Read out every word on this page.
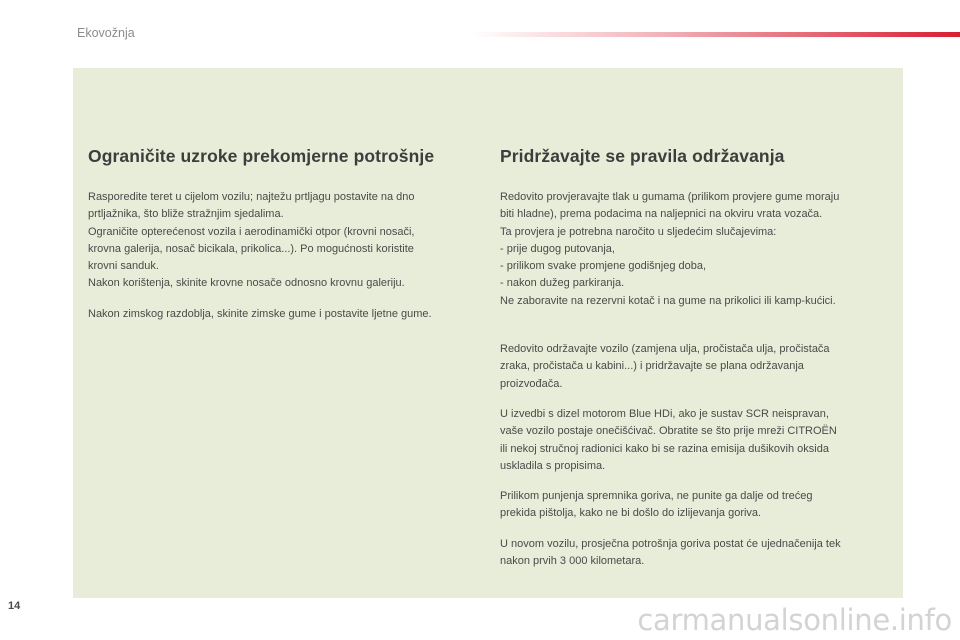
Ekovožnja
Ograničite uzroke prekomjerne potrošnje
Rasporedite teret u cijelom vozilu; najtežu prtljagu postavite na dno
prtljažnika, što bliže stražnjim sjedalima.
Ograničite opterećenost vozila i aerodinamički otpor (krovni nosači,
krovna galerija, nosač bicikala, prikolica...). Po mogućnosti koristite
krovni sanduk.
Nakon korištenja, skinite krovne nosače odnosno krovnu galeriju.
Nakon zimskog razdoblja, skinite zimske gume i postavite ljetne gume.
Pridržavajte se pravila održavanja
Redovito provjeravajte tlak u gumama (prilikom provjere gume moraju
biti hladne), prema podacima na naljepnici na okviru vrata vozača.
Ta provjera je potrebna naročito u sljedećim slučajevima:
- prije dugog putovanja,
- prilikom svake promjene godišnjeg doba,
- nakon dužeg parkiranja.
Ne zaboravite na rezervni kotač i na gume na prikolici ili kamp-kućici.
Redovito održavajte vozilo (zamjena ulja, pročistača ulja, pročistača
zraka, pročistača u kabini...) i pridržavajte se plana održavanja
proizvođača.
U izvedbi s dizel motorom Blue HDi, ako je sustav SCR neispravan,
vaše vozilo postaje onečišćivač. Obratite se što prije mreži CITROËN
ili nekoj stručnoj radionici kako bi se razina emisija dušikovih oksida
uskladila s propisima.
Prilikom punjenja spremnika goriva, ne punite ga dalje od trećeg
prekida pištolja, kako ne bi došlo do izlijevanja goriva.
U novom vozilu, prosječna potrošnja goriva postat će ujednačenija tek
nakon prvih 3 000 kilometara.
14	carmanualsonline.info
